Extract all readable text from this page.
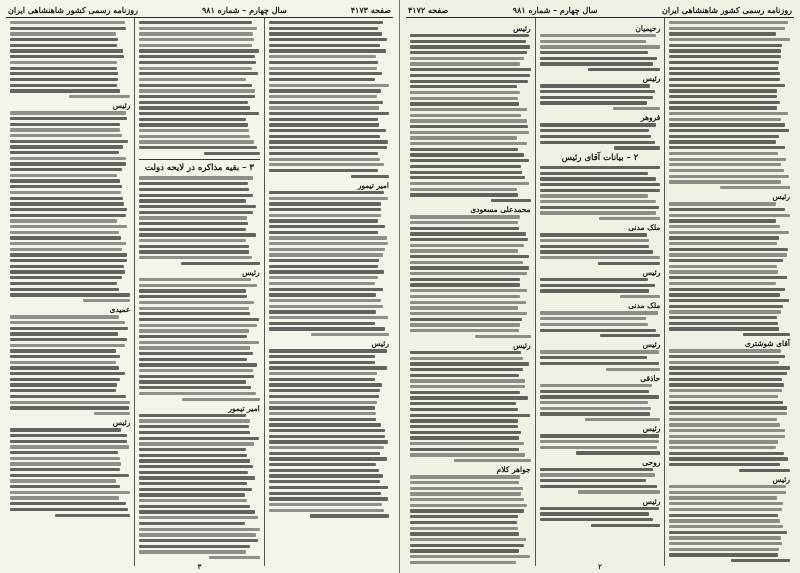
صفحه ۴۱۷۳
سال چهارم – شماره ۹۸۱
روزنامه رسمی کشور شاهنشاهی ایران
امیر تیمور
رئیس
۳ – بقیه مذاکره در لایحه دولت
رئیس
امیر تیمور
رئیس
عمیدی
رئیس
۳
روزنامه رسمی کشور شاهنشاهی ایران
سال چهارم – شماره ۹۸۱
صفحه ۴۱۷۲
رئیس
آقای شوشتری
رئیس
رحیمیان
رئیس
فروهر
۲ – بیانات آقای رئیس
ملک مدنی
رئیس
ملک مدنی
رئیس
حاذقی
رئیس
روحی
رئیس
رئیس
محمدعلی مسعودی
رئیس
جواهر کلام
۲
